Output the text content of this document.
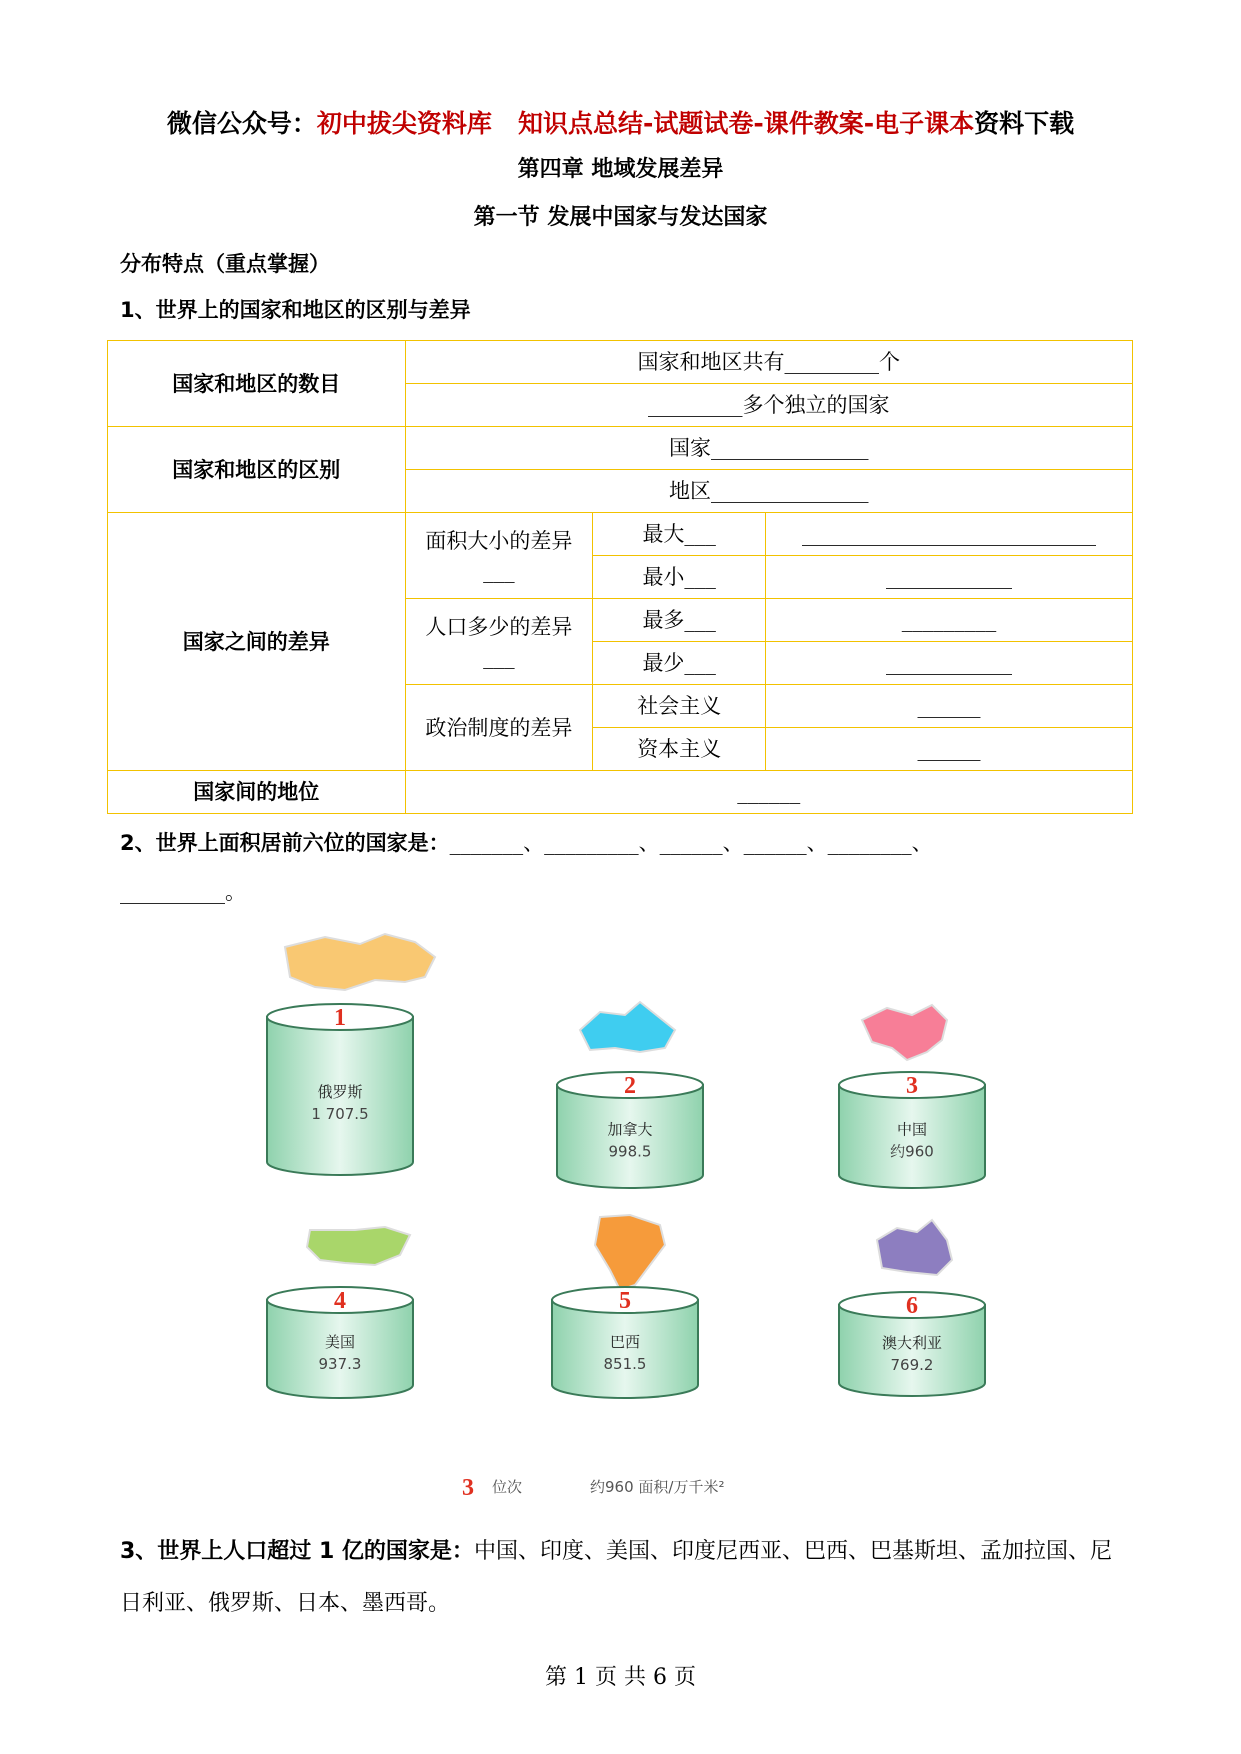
微信公众号：初中拔尖资料库 知识点总结-试题试卷-课件教案-电子课本资料下载
第四章 地域发展差异
第一节 发展中国家与发达国家
分布特点（重点掌握）
1、世界上的国家和地区的区别与差异
国家和地区的数目	国家和地区共有_________个		
	_________多个独立的国家		
国家和地区的区别	国家_______________		
	地区_______________		
国家之间的差异	面积大小的差异___	最大___	____________________________
		最小___	____________
	人口多少的差异___	最多___	_________
		最少___	____________
	政治制度的差异	社会主义	______
		资本主义	______
国家间的地位	______		
2、世界上面积居前六位的国家是：_______、_________、______、______、________、
__________。
1
俄罗斯
1 707.5
2
加拿大
998.5
3
中国
约960
4
美国
937.3
5
巴西
851.5
6
澳大利亚
769.2
3 位次	约960 面积/万千米²
3、世界上人口超过 1 亿的国家是：中国、印度、美国、印度尼西亚、巴西、巴基斯坦、孟加拉国、尼日利亚、俄罗斯、日本、墨西哥。
第 1 页 共 6 页
